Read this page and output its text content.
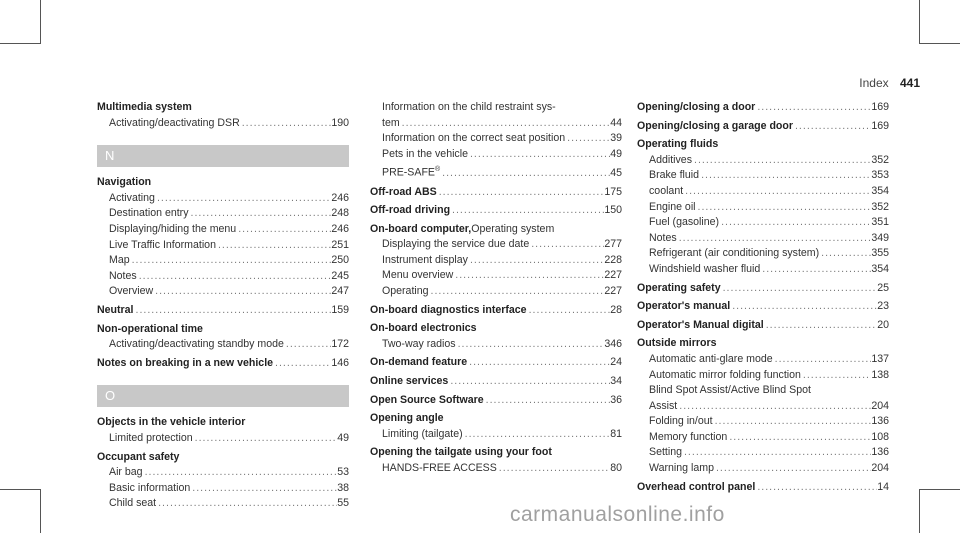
Index 441
Multimedia system
Activating/deactivating DSR .....	190
N
Navigation
Activating .....	246
Destination entry .....	248
Displaying/hiding the menu .....	246
Live Traffic Information .....	251
Map .....	250
Notes .....	245
Overview .....	247
Neutral .....	159
Non-operational time
Activating/deactivating standby mode .....	172
Notes on breaking in a new vehicle .....	146
O
Objects in the vehicle interior
Limited protection .....	49
Occupant safety
Air bag .....	53
Basic information .....	38
Child seat .....	55
Information on the child restraint sys-
tem .....	44
Information on the correct seat position .....	39
Pets in the vehicle .....	49
PRE-SAFE® .....	45
Off-road ABS .....	175
Off-road driving .....	150
On-board computer, Operating system
Displaying the service due date .....	277
Instrument display .....	228
Menu overview .....	227
Operating .....	227
On-board diagnostics interface .....	28
On-board electronics
Two-way radios .....	346
On-demand feature .....	24
Online services .....	34
Open Source Software .....	36
Opening angle
Limiting (tailgate) .....	81
Opening the tailgate using your foot
HANDS-FREE ACCESS .....	80
Opening/closing a door .....	169
Opening/closing a garage door .....	169
Operating fluids
Additives .....	352
Brake fluid .....	353
coolant .....	354
Engine oil .....	352
Fuel (gasoline) .....	351
Notes .....	349
Refrigerant (air conditioning system) .....	355
Windshield washer fluid .....	354
Operating safety .....	25
Operator's manual .....	23
Operator's Manual digital .....	20
Outside mirrors
Automatic anti-glare mode .....	137
Automatic mirror folding function .....	138
Blind Spot Assist/Active Blind Spot
Assist .....	204
Folding in/out .....	136
Memory function .....	108
Setting .....	136
Warning lamp .....	204
Overhead control panel .....	14
carmanualsonline.info
